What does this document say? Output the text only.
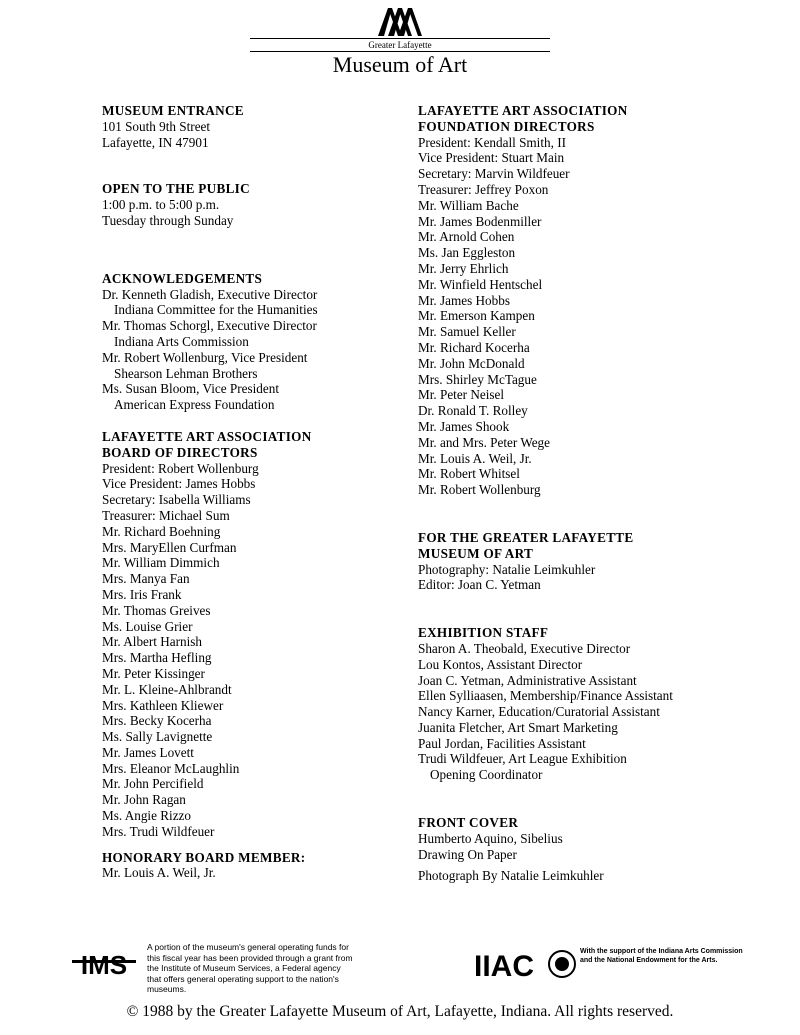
Greater Lafayette
Museum of Art
MUSEUM ENTRANCE
101 South 9th Street
Lafayette, IN 47901
OPEN TO THE PUBLIC
1:00 p.m. to 5:00 p.m.
Tuesday through Sunday
ACKNOWLEDGEMENTS
Dr. Kenneth Gladish, Executive Director
Indiana Committee for the Humanities
Mr. Thomas Schorgl, Executive Director
Indiana Arts Commission
Mr. Robert Wollenburg, Vice President
Shearson Lehman Brothers
Ms. Susan Bloom, Vice President
American Express Foundation
LAFAYETTE ART ASSOCIATION
BOARD OF DIRECTORS
President: Robert Wollenburg
Vice President: James Hobbs
Secretary: Isabella Williams
Treasurer: Michael Sum
Mr. Richard Boehning
Mrs. MaryEllen Curfman
Mr. William Dimmich
Mrs. Manya Fan
Mrs. Iris Frank
Mr. Thomas Greives
Ms. Louise Grier
Mr. Albert Harnish
Mrs. Martha Hefling
Mr. Peter Kissinger
Mr. L. Kleine-Ahlbrandt
Mrs. Kathleen Kliewer
Mrs. Becky Kocerha
Ms. Sally Lavignette
Mr. James Lovett
Mrs. Eleanor McLaughlin
Mr. John Percifield
Mr. John Ragan
Ms. Angie Rizzo
Mrs. Trudi Wildfeuer
HONORARY BOARD MEMBER:
Mr. Louis A. Weil, Jr.
LAFAYETTE ART ASSOCIATION
FOUNDATION DIRECTORS
President: Kendall Smith, II
Vice President: Stuart Main
Secretary: Marvin Wildfeuer
Treasurer: Jeffrey Poxon
Mr. William Bache
Mr. James Bodenmiller
Mr. Arnold Cohen
Ms. Jan Eggleston
Mr. Jerry Ehrlich
Mr. Winfield Hentschel
Mr. James Hobbs
Mr. Emerson Kampen
Mr. Samuel Keller
Mr. Richard Kocerha
Mr. John McDonald
Mrs. Shirley McTague
Mr. Peter Neisel
Dr. Ronald T. Rolley
Mr. James Shook
Mr. and Mrs. Peter Wege
Mr. Louis A. Weil, Jr.
Mr. Robert Whitsel
Mr. Robert Wollenburg
FOR THE GREATER LAFAYETTE
MUSEUM OF ART
Photography: Natalie Leimkuhler
Editor: Joan C. Yetman
EXHIBITION STAFF
Sharon A. Theobald, Executive Director
Lou Kontos, Assistant Director
Joan C. Yetman, Administrative Assistant
Ellen Sylliaasen, Membership/Finance Assistant
Nancy Karner, Education/Curatorial Assistant
Juanita Fletcher, Art Smart Marketing
Paul Jordan, Facilities Assistant
Trudi Wildfeuer, Art League Exhibition
Opening Coordinator
FRONT COVER
Humberto Aquino, Sibelius
Drawing On Paper
Photograph By Natalie Leimkuhler
IMS
A portion of the museum's general operating funds for this fiscal year has been provided through a grant from the Institute of Museum Services, a Federal agency that offers general operating support to the nation's museums.
IIAC	With the support of the Indiana Arts Commission and the National Endowment for the Arts.
© 1988 by the Greater Lafayette Museum of Art, Lafayette, Indiana. All rights reserved.
